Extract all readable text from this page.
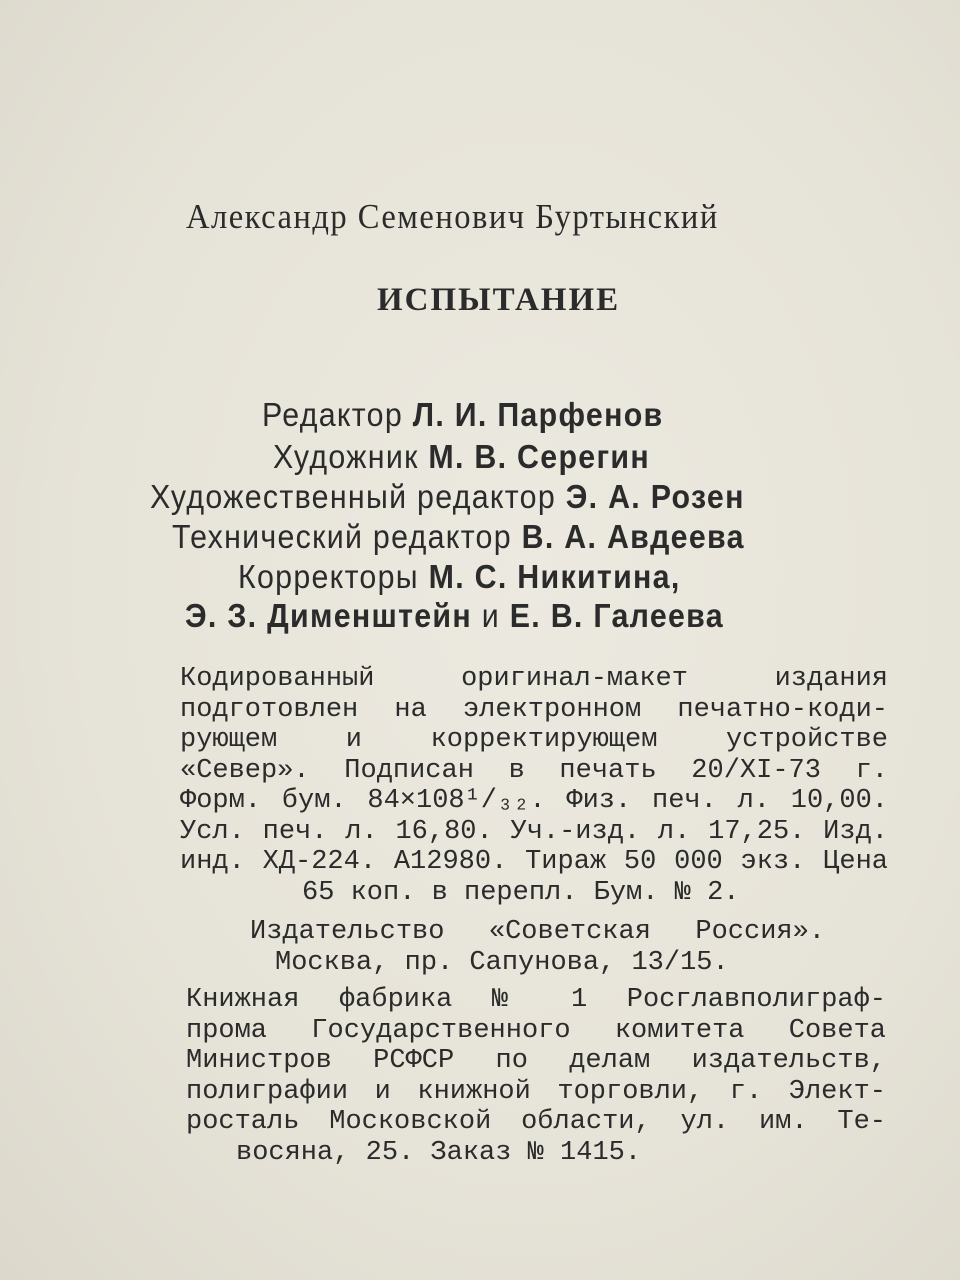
Александр Семенович Буртынский
ИСПЫТАНИЕ
Редактор Л. И. Парфенов
Художник М. В. Серегин
Художественный редактор Э. А. Розен
Технический редактор В. А. Авдеева
Корректоры М. С. Никитина,
Э. З. Дименштейн и Е. В. Галеева
Кодированный оригинал-макет издания
подготовлен на электронном печатно-коди-
рующем и корректирующем устройстве
«Север». Подписан в печать 20/XI-73 г.
Форм. бум. 84×108¹/₃₂. Физ. печ. л. 10,00.
Усл. печ. л. 16,80. Уч.-изд. л. 17,25. Изд.
инд. ХД-224. А12980. Тираж 50 000 экз. Цена
65 коп. в перепл. Бум. № 2.
Издательство «Советская Россия».
Москва, пр. Сапунова, 13/15.
Книжная фабрика № 1 Росглавполиграф-
прома Государственного комитета Совета
Министров РСФСР по делам издательств,
полиграфии и книжной торговли, г. Элект-
росталь Московской области, ул. им. Те-
восяна, 25. Заказ № 1415.
